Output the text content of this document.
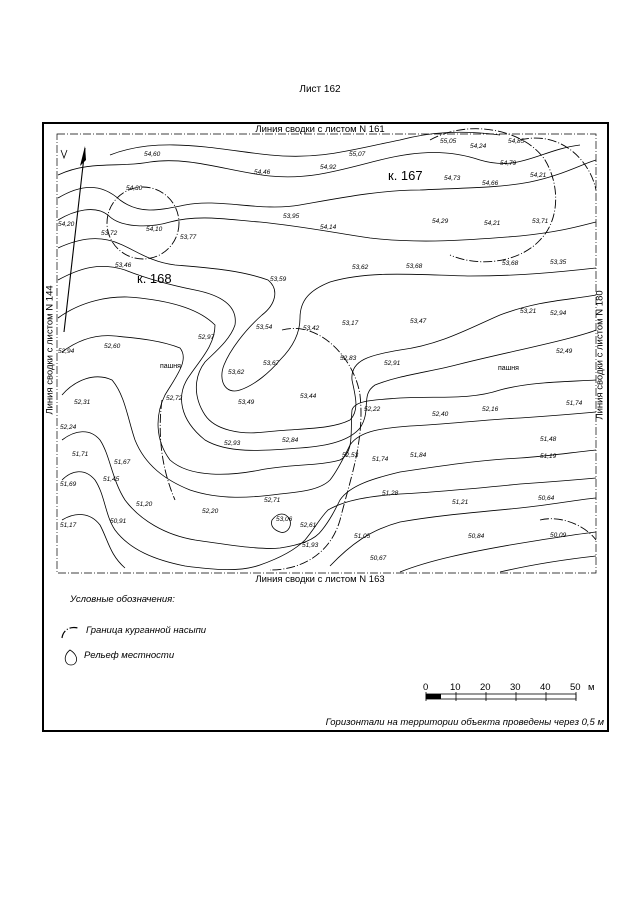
Лист 162
54,60	55,07
55,05
54,24
54,85
54,79
54,46
54,92
54,73
54,66
54,21
54,30
53,95
54,14
54,29	54,21	53,71
54,10
53,77
53,72
54,20
53,46
53,59
53,62	53,68	53,68	53,35
53,21 52,94
53,47
52,97
53,54	53,42
53,17
52,94
52,60
52,83
52,91
52,49
53,67
53,62
53,49
53,44
52,72
52,31
52,22
52,40
52,16
51,74
52,24
52,93	52,84	51,48
51,71
51,67
52,53
51,74
51,84	51,19
51,45
51,28
51,69
51,20
52,71
52,20
51,21
50,64
53,06
51,17
50,91
52,61
50,84
51,05	50,09
51,93
50,67
пашня	пашня
0 10 20 30 40 50 м
Линия сводки с листом N 161
Линия сводки с листом N 163
Линия сводки с листом N 144	Линия сводки с листом N 180
к. 167
к. 168
Условные обозначения:
Граница курганной насыпи
Рельеф местности
Горизонтали на территории объекта проведены через 0,5 м
